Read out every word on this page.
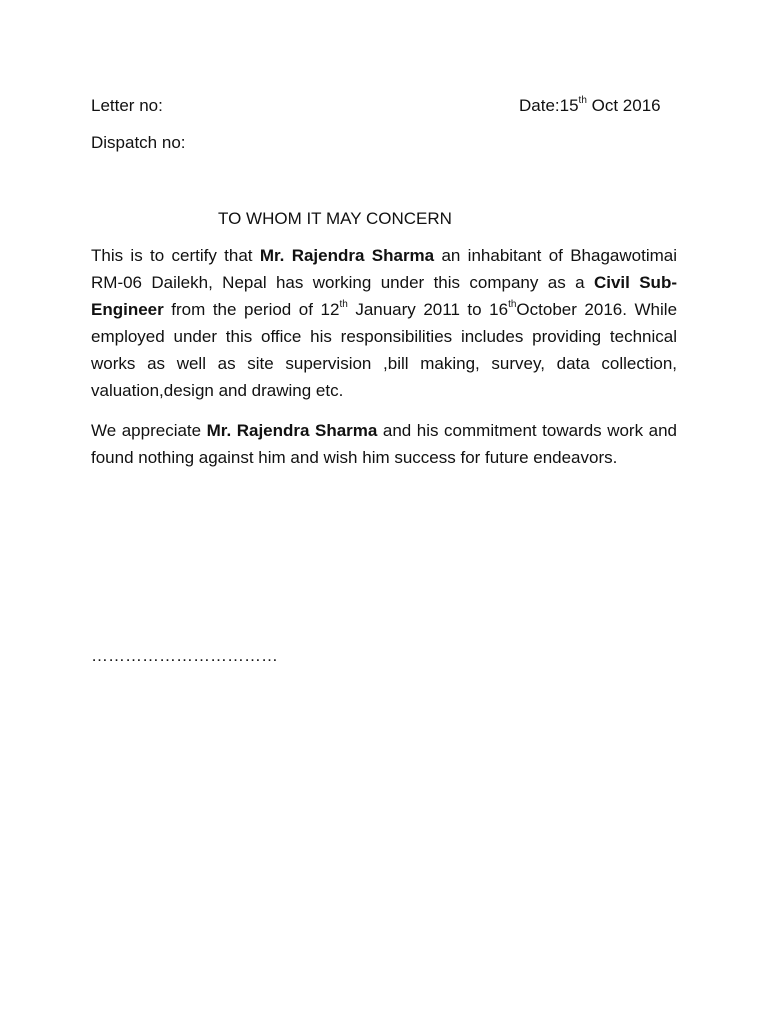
Letter no:	Date:15th Oct 2016
Dispatch no:
TO WHOM IT MAY CONCERN

This is to certify that Mr. Rajendra Sharma an inhabitant of Bhagawotimai RM-06 Dailekh, Nepal has working under this company as a Civil Sub- Engineer from the period of 12th January 2011 to 16thOctober 2016. While employed under this office his responsibilities includes providing technical works as well as site supervision ,bill making, survey, data collection, valuation,design and drawing etc.

We appreciate Mr. Rajendra Sharma and his commitment towards work and found nothing against him and wish him success for future endeavors.

……………………………
